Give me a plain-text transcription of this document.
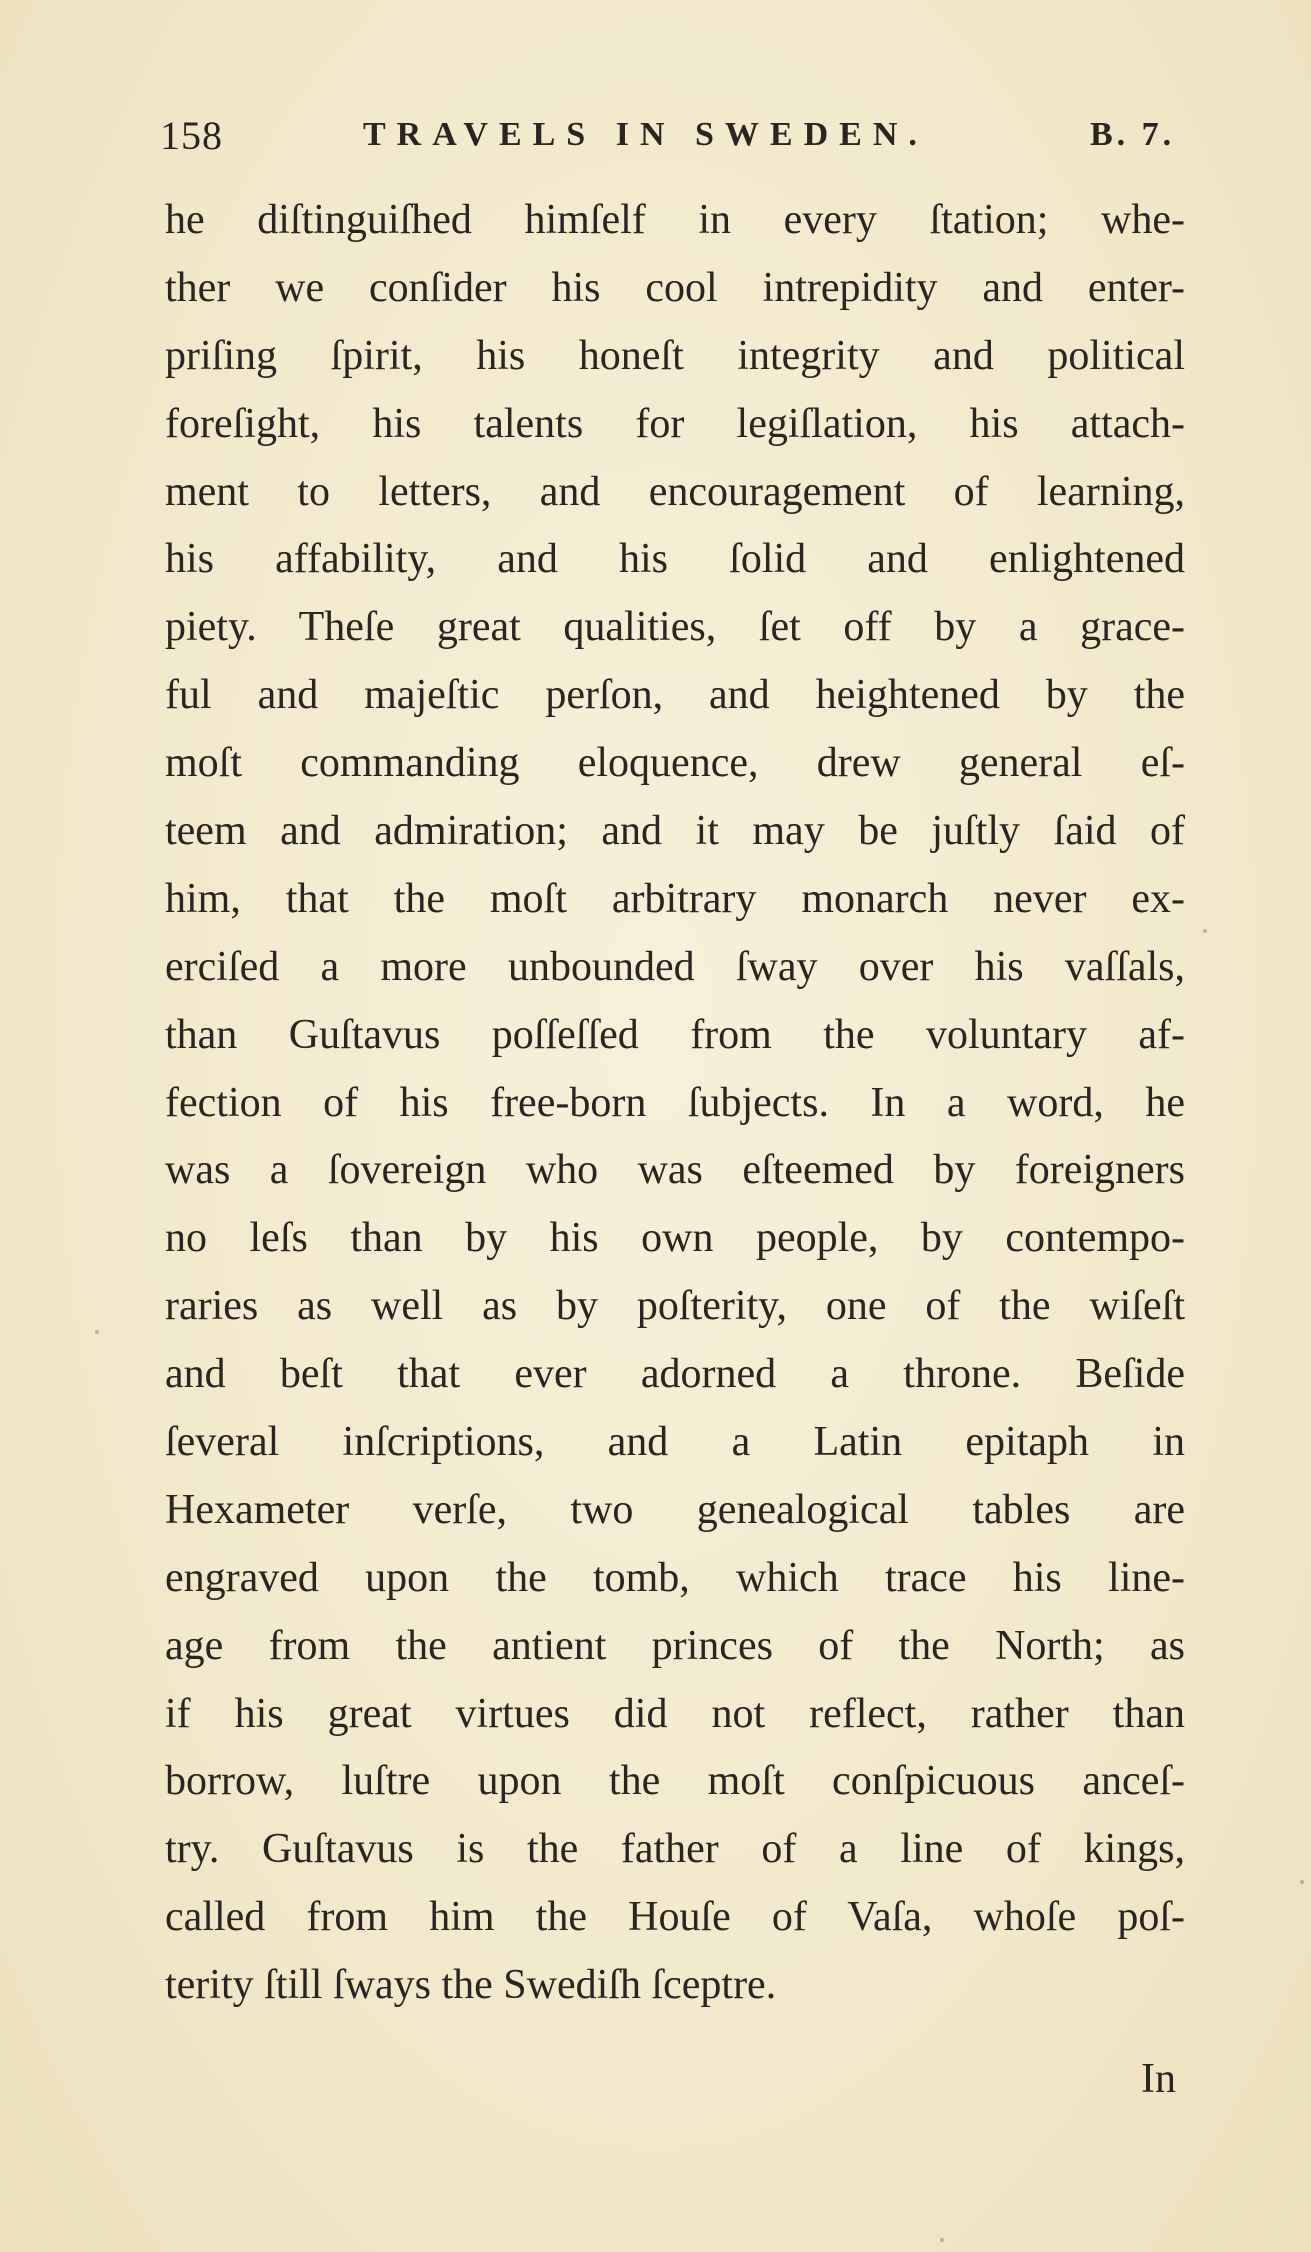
158	TRAVELS IN SWEDEN.	B. 7.
he diſtinguiſhed himſelf in every ſtation; whe-
ther we conſider his cool intrepidity and enter-
priſing ſpirit, his honeſt integrity and political
foreſight, his talents for legiſlation, his attach-
ment to letters, and encouragement of learning,
his affability, and his ſolid and enlightened
piety. Theſe great qualities, ſet off by a grace-
ful and majeſtic perſon, and heightened by the
moſt commanding eloquence, drew general eſ-
teem and admiration; and it may be juſtly ſaid of
him, that the moſt arbitrary monarch never ex-
erciſed a more unbounded ſway over his vaſſals,
than Guſtavus poſſeſſed from the voluntary af-
fection of his free-born ſubjects. In a word, he
was a ſovereign who was eſteemed by foreigners
no leſs than by his own people, by contempo-
raries as well as by poſterity, one of the wiſeſt
and beſt that ever adorned a throne. Beſide
ſeveral inſcriptions, and a Latin epitaph in
Hexameter verſe, two genealogical tables are
engraved upon the tomb, which trace his line-
age from the antient princes of the North; as
if his great virtues did not reflect, rather than
borrow, luſtre upon the moſt conſpicuous anceſ-
try. Guſtavus is the father of a line of kings,
called from him the Houſe of Vaſa, whoſe poſ-
terity ſtill ſways the Swediſh ſceptre.
In
